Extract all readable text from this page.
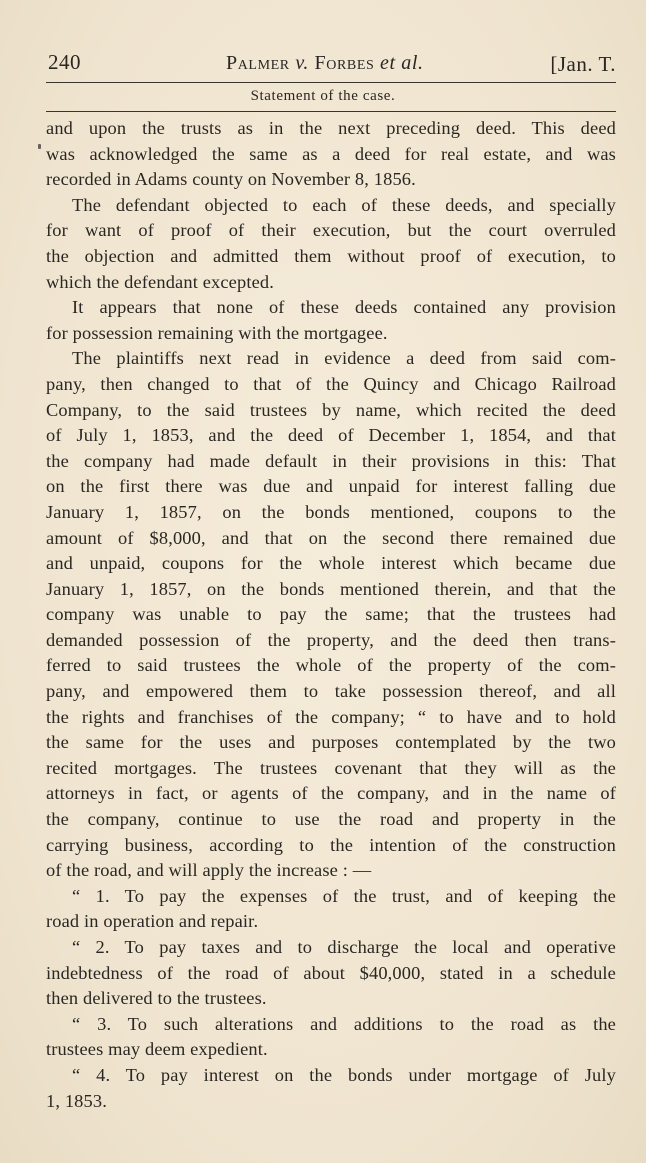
240	Palmer v. Forbes et al.	[Jan. T.
Statement of the case.
and upon the trusts as in the next preceding deed. This deed
was acknowledged the same as a deed for real estate, and was
recorded in Adams county on November 8, 1856.
The defendant objected to each of these deeds, and specially
for want of proof of their execution, but the court overruled
the objection and admitted them without proof of execution, to
which the defendant excepted.
It appears that none of these deeds contained any provision
for possession remaining with the mortgagee.
The plaintiffs next read in evidence a deed from said com-
pany, then changed to that of the Quincy and Chicago Railroad
Company, to the said trustees by name, which recited the deed
of July 1, 1853, and the deed of December 1, 1854, and that
the company had made default in their provisions in this: That
on the first there was due and unpaid for interest falling due
January 1, 1857, on the bonds mentioned, coupons to the
amount of $8,000, and that on the second there remained due
and unpaid, coupons for the whole interest which became due
January 1, 1857, on the bonds mentioned therein, and that the
company was unable to pay the same; that the trustees had
demanded possession of the property, and the deed then trans-
ferred to said trustees the whole of the property of the com-
pany, and empowered them to take possession thereof, and all
the rights and franchises of the company; “ to have and to hold
the same for the uses and purposes contemplated by the two
recited mortgages. The trustees covenant that they will as the
attorneys in fact, or agents of the company, and in the name of
the company, continue to use the road and property in the
carrying business, according to the intention of the construction
of the road, and will apply the increase : —
“ 1. To pay the expenses of the trust, and of keeping the
road in operation and repair.
“ 2. To pay taxes and to discharge the local and operative
indebtedness of the road of about $40,000, stated in a schedule
then delivered to the trustees.
“ 3. To such alterations and additions to the road as the
trustees may deem expedient.
“ 4. To pay interest on the bonds under mortgage of July
1, 1853.
